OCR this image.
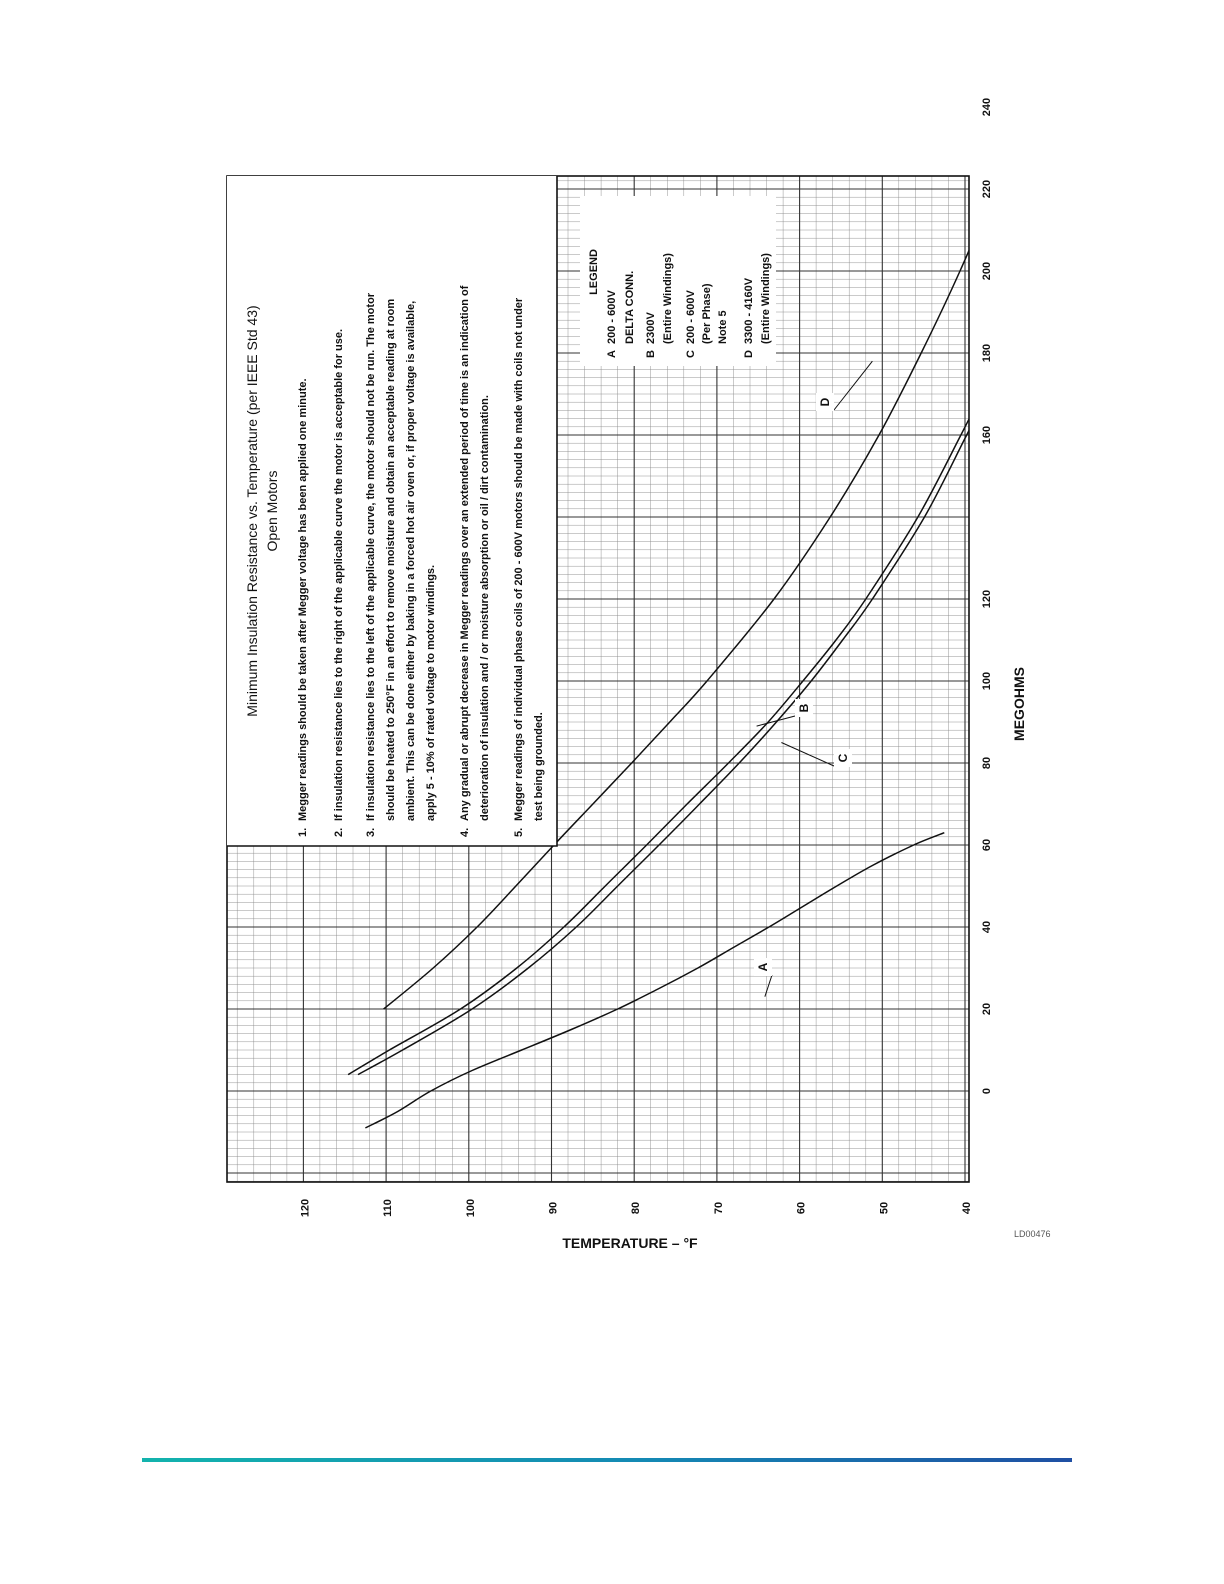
A
B
C
D
Minimum Insulation Resistance vs. Temperature (per IEEE Std 43) Open Motors
1.
Megger readings should be taken after Megger voltage has been applied one minute.
2.
If insulation resistance lies to the right of the applicable curve the motor is acceptable for use.
3.
If insulation resistance lies to the left of the applicable curve, the motor should not be run. The motor should be heated to 250°F in an effort to remove moisture and obtain an acceptable reading at room ambient. This can be done either by baking in a forced hot air oven or, if proper voltage is available, apply 5 - 10% of rated voltage to motor windings.
4.
Any gradual or abrupt decrease in Megger readings over an extended period of time is an indication of deterioration of insulation and / or moisture absorption or oil / dirt contamination.
5.
Megger readings of individual phase coils of 200 - 600V motors should be made with coils not under test being grounded.
LEGEND
A
200 - 600V DELTA CONN.
B
2300V (Entire Windings)
C
200 - 600V (Per Phase) Note 5
D
3300 - 4160V (Entire Windings)
0
20
40
60
80
100
120
160
180
200
220
240
40
50
60
70
80
90
100
110
120
MEGOHMS
TEMPERATURE – °F
LD00476
